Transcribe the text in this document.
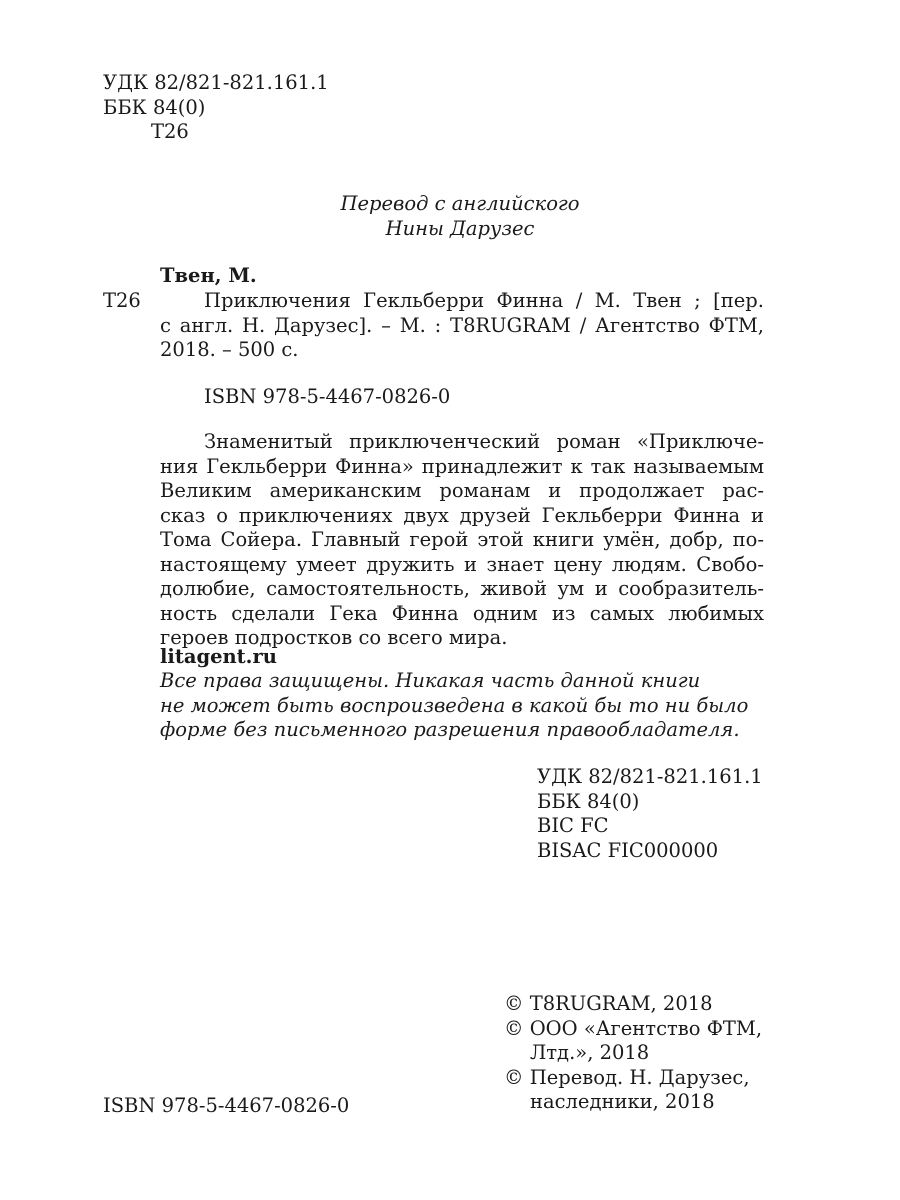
УДК 82/821-821.161.1
ББК 84(0)
Т26
Перевод с английского
Нины Дарузес
Твен, М.
Т26	Приключения Гекльберри Финна / М. Твен ; [пер.
с англ. Н. Дарузес]. – М. : T8RUGRAM / Агентство ФТМ,
2018. – 500 с.
ISBN 978-5-4467-0826-0
Знаменитый приключенческий роман «Приключе-
ния Гекльберри Финна» принадлежит к так называемым
Великим американским романам и продолжает рас-
сказ о приключениях двух друзей Гекльберри Финна и
Тома Сойера. Главный герой этой книги умён, добр, по-
настоящему умеет дружить и знает цену людям. Свобо-
долюбие, самостоятельность, живой ум и сообразитель-
ность сделали Гека Финна одним из самых любимых
героев подростков со всего мира.
litagent.ru
Все права защищены. Никакая часть данной книги
не может быть воспроизведена в какой бы то ни было
форме без письменного разрешения правообладателя.
УДК 82/821-821.161.1
ББК 84(0)
BIC FC
BISAC FIC000000
© T8RUGRAM, 2018
© ООО «Агентство ФТМ,
Лтд.», 2018
© Перевод. Н. Дарузес,
наследники, 2018
ISBN 978-5-4467-0826-0
